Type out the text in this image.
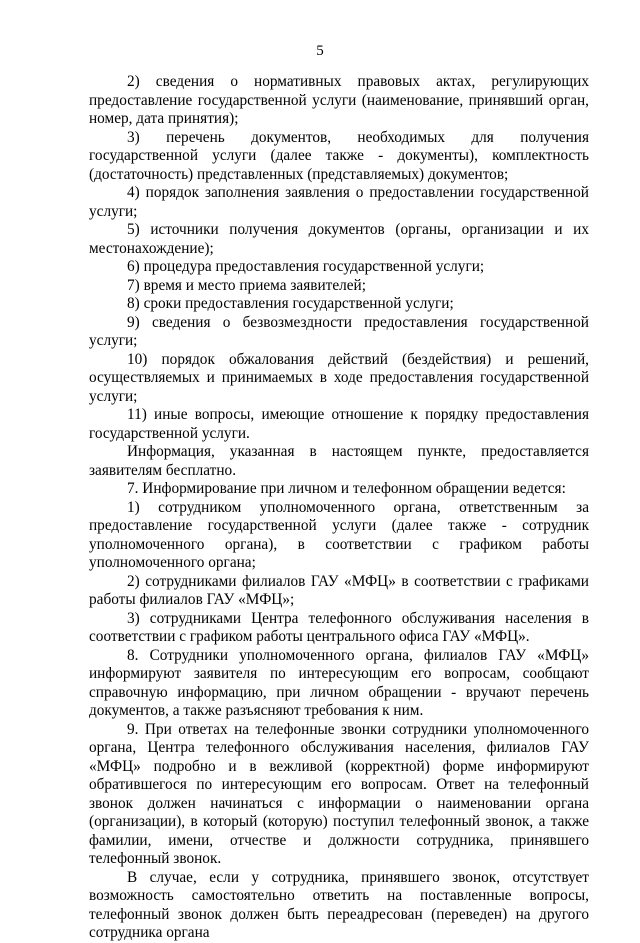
5

2) сведения о нормативных правовых актах, регулирующих предоставление государственной услуги (наименование, принявший орган, номер, дата принятия);

3) перечень документов, необходимых для получения государственной услуги (далее также - документы), комплектность (достаточность) представленных (представляемых) документов;

4) порядок заполнения заявления о предоставлении государственной услуги;

5) источники получения документов (органы, организации и их местонахождение);

6) процедура предоставления государственной услуги;

7) время и место приема заявителей;

8) сроки предоставления государственной услуги;

9) сведения о безвозмездности предоставления государственной услуги;

10) порядок обжалования действий (бездействия) и решений, осуществляемых и принимаемых в ходе предоставления государственной услуги;

11) иные вопросы, имеющие отношение к порядку предоставления государственной услуги.

Информация, указанная в настоящем пункте, предоставляется заявителям бесплатно.

7. Информирование при личном и телефонном обращении ведется:

1) сотрудником уполномоченного органа, ответственным за предоставление государственной услуги (далее также - сотрудник уполномоченного органа), в соответствии с графиком работы уполномоченного органа;

2) сотрудниками филиалов ГАУ «МФЦ» в соответствии с графиками работы филиалов ГАУ «МФЦ»;

3) сотрудниками Центра телефонного обслуживания населения в соответствии с графиком работы центрального офиса ГАУ «МФЦ».

8. Сотрудники уполномоченного органа, филиалов ГАУ «МФЦ» информируют заявителя по интересующим его вопросам, сообщают справочную информацию, при личном обращении - вручают перечень документов, а также разъясняют требования к ним.

9. При ответах на телефонные звонки сотрудники уполномоченного органа, Центра телефонного обслуживания населения, филиалов ГАУ «МФЦ» подробно и в вежливой (корректной) форме информируют обратившегося по интересующим его вопросам. Ответ на телефонный звонок должен начинаться с информации о наименовании органа (организации), в который (которую) поступил телефонный звонок, а также фамилии, имени, отчестве и должности сотрудника, принявшего телефонный звонок.

В случае, если у сотрудника, принявшего звонок, отсутствует возможность самостоятельно ответить на поставленные вопросы, телефонный звонок должен быть переадресован (переведен) на другого сотрудника органа
